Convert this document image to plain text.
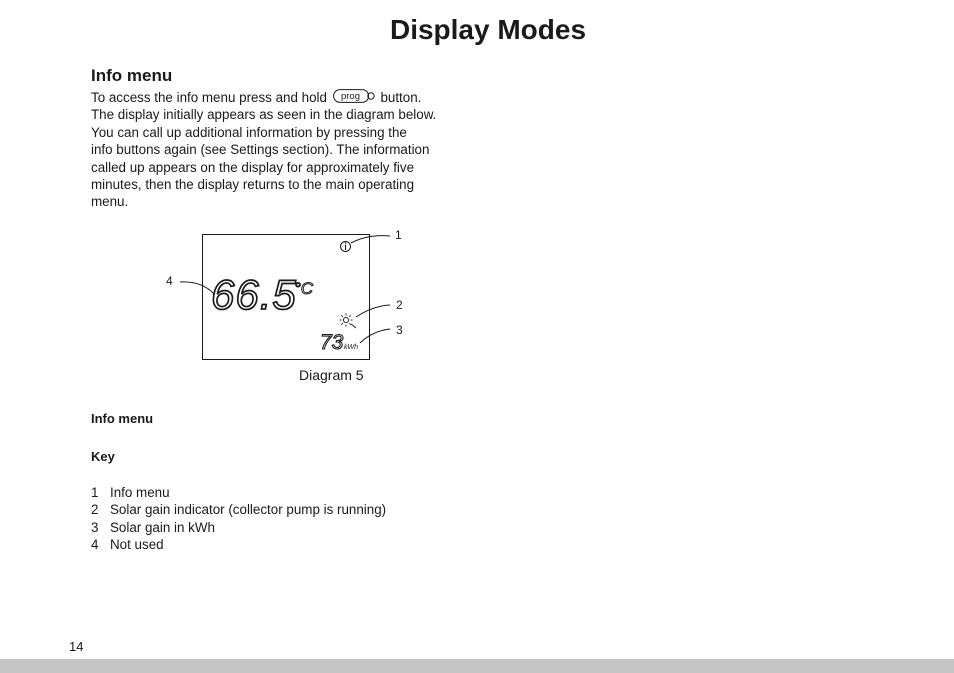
Display Modes
Info menu
To access the info menu press and hold prog button.
The display initially appears as seen in the diagram below.
You can call up additional information by pressing the
info buttons again (see Settings section). The information
called up appears on the display for approximately five
minutes, then the display returns to the main operating
menu.
66.5
°C
73 kWh
1
2
3
4
Diagram 5
Info menu
Key
1 Info menu
2 Solar gain indicator (collector pump is running)
3 Solar gain in kWh
4 Not used
14
